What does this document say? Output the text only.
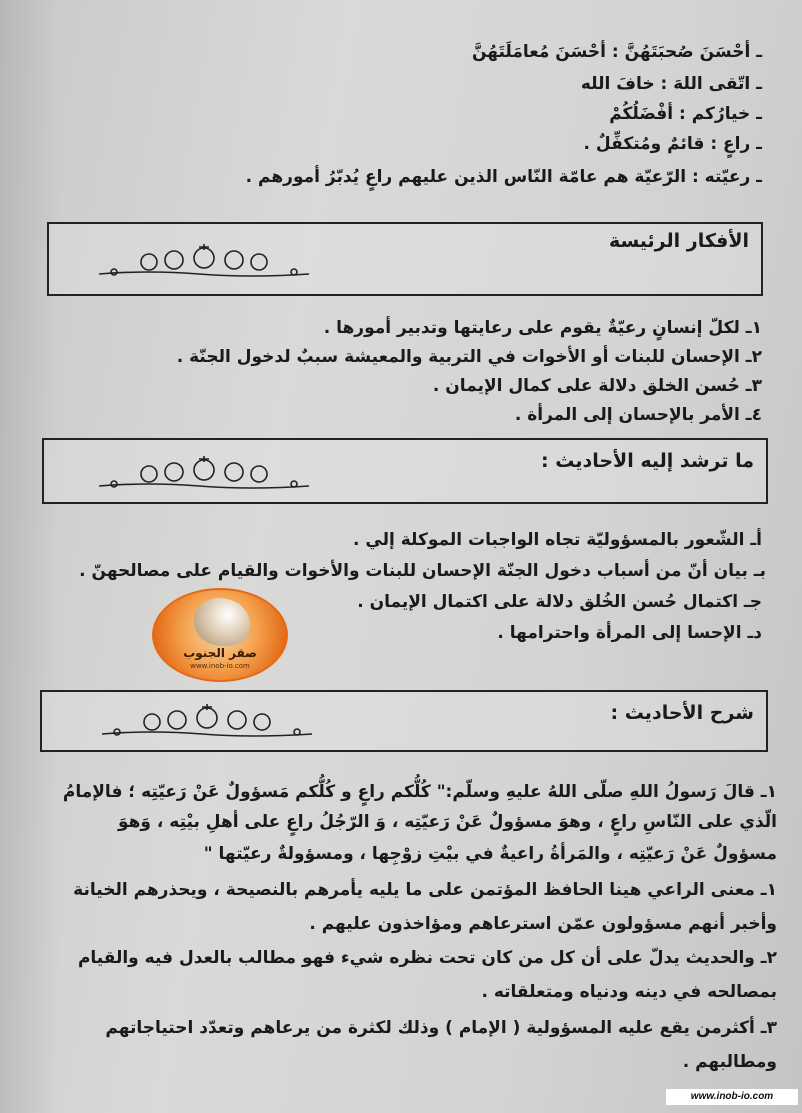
ـ أحْسَنَ صُحبَتَهُنَّ : أحْسَنَ مُعامَلَتَهُنَّ
ـ اتّقى اللهَ : خافَ الله
ـ خيارُكم : أفْضَلُكُمْ
ـ راعٍ : قائمٌ ومُتكفِّلٌ .
ـ رعيّته : الرّعيّة هم عامّة النّاس الذين عليهم راعٍ يُدبّرُ أمورهم .
الأفكار الرئيسة
١ـ لكلّ إنسانٍ رعيّةٌ يقوم على رعايتها وتدبير أمورها .
٢ـ الإحسان للبنات أو الأخوات في التربية والمعيشة سببٌ لدخول الجنّة .
٣ـ حُسن الخلق دلالة على كمال الإيمان .
٤ـ الأمر بالإحسان إلى المرأة .
ما ترشد إليه الأحاديث :
أـ الشّعور بالمسؤوليّة تجاه الواجبات الموكلة إلي .
بـ بيان أنّ من أسباب دخول الجنّة الإحسان للبنات والأخوات والقيام على مصالحهنّ .
جـ اكتمال حُسن الخُلق دلالة على اكتمال الإيمان .
دـ الإحسا إلى المرأة واحترامها .
صقر الجنوب
www.inob-io.com
شرح الأحاديث :
١ـ قالَ رَسولُ اللهِ صلّى اللهُ عليهِ وسلّم:" كُلُّكم راعٍ و كُلُّكم مَسؤولٌ عَنْ رَعيّتِه ؛ فالإمامُ
الّذي على النّاسِ راعٍ ، وهوَ مسؤولٌ عَنْ رَعيّتِه ، وَ الرّجُلُ راعٍ على أهلِ بيْتِه ، وَهوَ
مسؤولٌ عَنْ رَعيّتِه ، والمَرأةُ راعيةٌ في بيْتِ زوْجِها ، ومسؤولةٌ رعيّتها "
١ـ معنى الراعي هينا الحافظ المؤتمن على ما يليه يأمرهم بالنصيحة ، ويحذرهم الخيانة
وأخبر أنهم مسؤولون عمّن استرعاهم ومؤاخذون عليهم .
٢ـ والحديث يدلّ على أن كل من كان تحت نظره شيء فهو مطالب بالعدل فيه والقيام
بمصالحه في دينه ودنياه ومتعلقاته .
٣ـ أكثرمن يقع عليه المسؤولية ( الإمام ) وذلك لكثرة من يرعاهم وتعدّد احتياجاتهم
ومطالبهم .
www.inob-io.com
